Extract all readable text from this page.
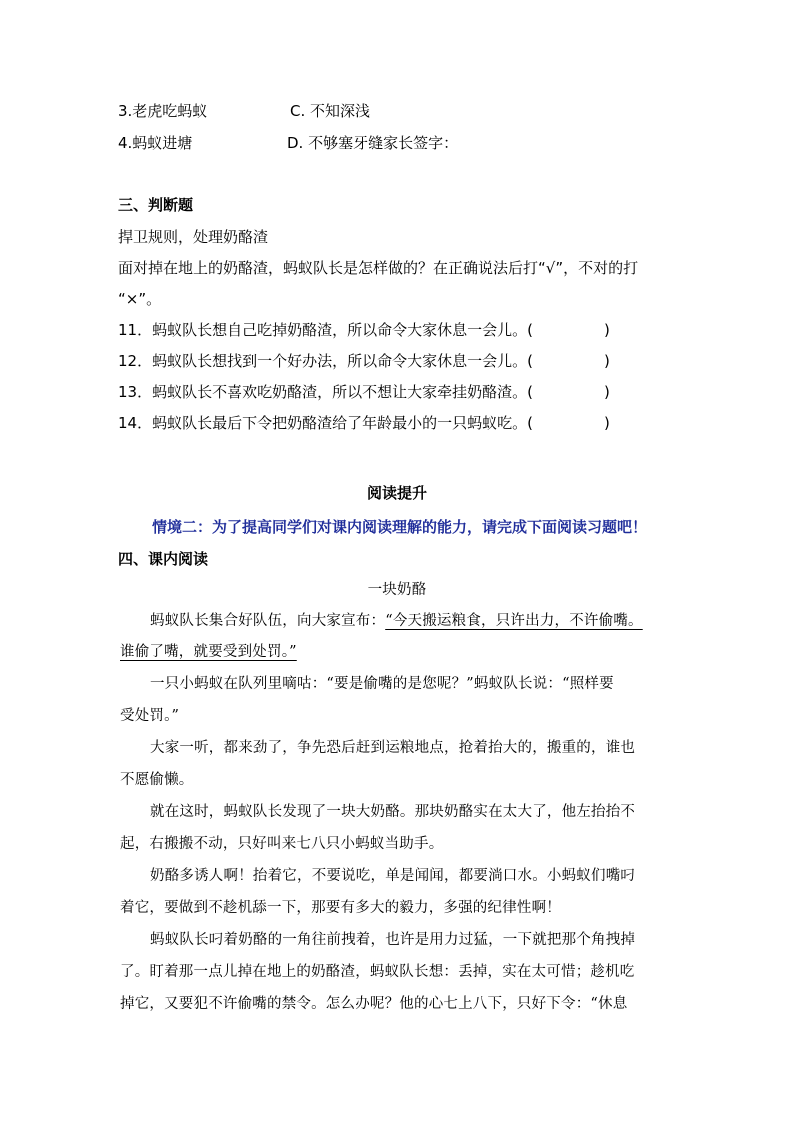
3.老虎吃蚂蚁	C. 不知深浅
4.蚂蚁进塘	D. 不够塞牙缝家长签字：
三、判断题
捍卫规则，处理奶酪渣
面对掉在地上的奶酪渣，蚂蚁队长是怎样做的？在正确说法后打“√”，不对的打
“×”。
11．蚂蚁队长想自己吃掉奶酪渣，所以命令大家休息一会儿。(	)
12．蚂蚁队长想找到一个好办法，所以命令大家休息一会儿。(	)
13．蚂蚁队长不喜欢吃奶酪渣，所以不想让大家牵挂奶酪渣。(	)
14．蚂蚁队长最后下令把奶酪渣给了年龄最小的一只蚂蚁吃。(	)
阅读提升
情境二：为了提高同学们对课内阅读理解的能力，请完成下面阅读习题吧！
四、课内阅读
一块奶酪
蚂蚁队长集合好队伍，向大家宣布：“今天搬运粮食，只许出力，不许偷嘴。
谁偷了嘴，就要受到处罚。”
一只小蚂蚁在队列里嘀咕：“要是偷嘴的是您呢？”蚂蚁队长说：“照样要
受处罚。”
大家一听，都来劲了，争先恐后赶到运粮地点，抢着抬大的，搬重的，谁也
不愿偷懒。
就在这时，蚂蚁队长发现了一块大奶酪。那块奶酪实在太大了，他左抬抬不
起，右搬搬不动，只好叫来七八只小蚂蚁当助手。
奶酪多诱人啊！抬着它，不要说吃，单是闻闻，都要淌口水。小蚂蚁们嘴叼
着它，要做到不趁机舔一下，那要有多大的毅力，多强的纪律性啊！
蚂蚁队长叼着奶酪的一角往前拽着，也许是用力过猛，一下就把那个角拽掉
了。盯着那一点儿掉在地上的奶酪渣，蚂蚁队长想：丢掉，实在太可惜；趁机吃
掉它，又要犯不许偷嘴的禁令。怎么办呢？他的心七上八下，只好下令：“休息
